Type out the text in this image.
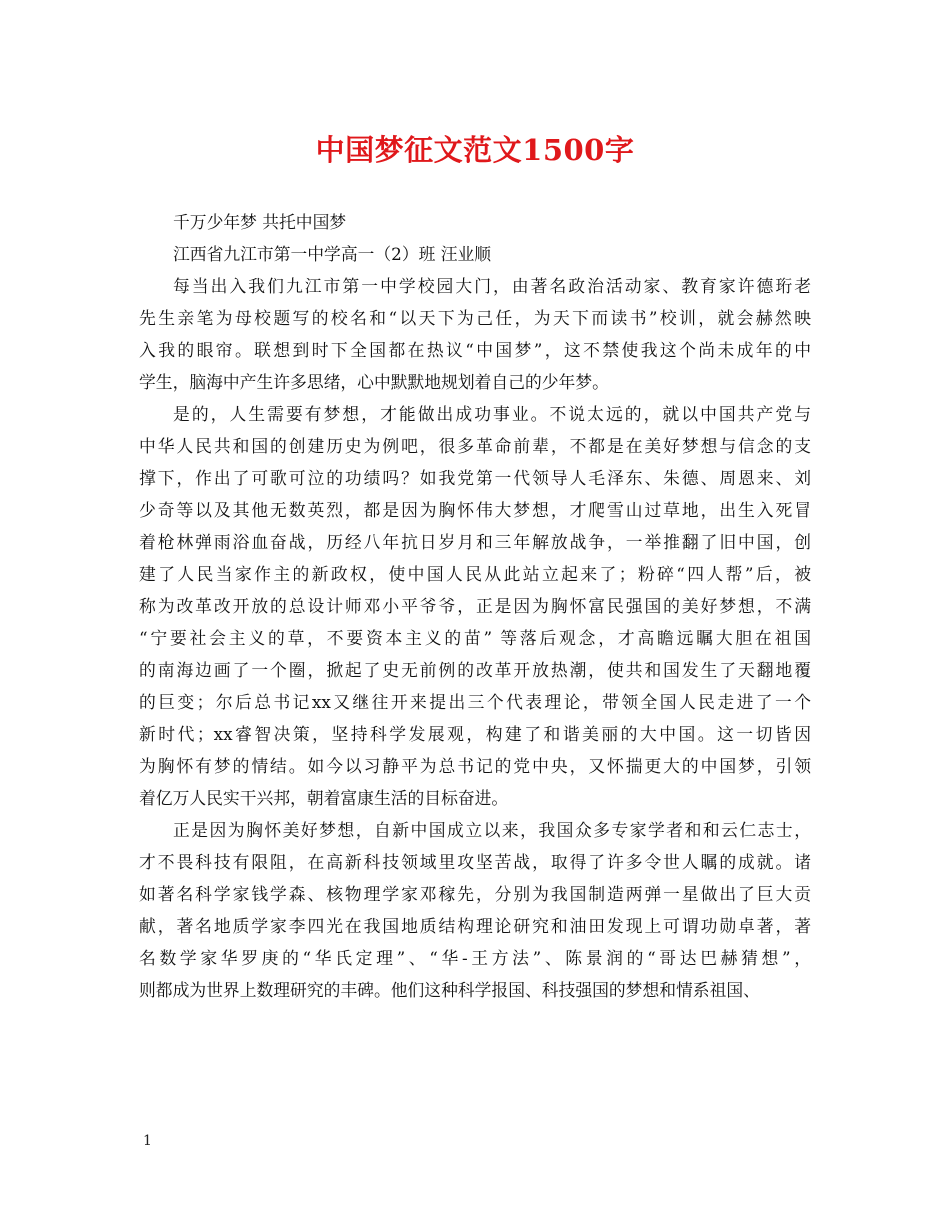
中国梦征文范文1500字
千万少年梦 共托中国梦
江西省九江市第一中学高一（2）班 汪业顺
每当出入我们九江市第一中学校园大门，由著名政治活动家、教育家许德珩老
先生亲笔为母校题写的校名和“以天下为己任，为天下而读书”校训，就会赫然映
入我的眼帘。联想到时下全国都在热议“中国梦”，这不禁使我这个尚未成年的中
学生，脑海中产生许多思绪，心中默默地规划着自己的少年梦。
是的，人生需要有梦想，才能做出成功事业。不说太远的，就以中国共产党与
中华人民共和国的创建历史为例吧，很多革命前辈，不都是在美好梦想与信念的支
撑下，作出了可歌可泣的功绩吗？如我党第一代领导人毛泽东、朱德、周恩来、刘
少奇等以及其他无数英烈，都是因为胸怀伟大梦想，才爬雪山过草地，出生入死冒
着枪林弹雨浴血奋战，历经八年抗日岁月和三年解放战争，一举推翻了旧中国，创
建了人民当家作主的新政权，使中国人民从此站立起来了；粉碎“四人帮”后，被
称为改革改开放的总设计师邓小平爷爷，正是因为胸怀富民强国的美好梦想，不满
“宁要社会主义的草，不要资本主义的苗” 等落后观念，才高瞻远瞩大胆在祖国
的南海边画了一个圈，掀起了史无前例的改革开放热潮，使共和国发生了天翻地覆
的巨变；尔后总书记xx又继往开来提出三个代表理论，带领全国人民走进了一个
新时代；xx睿智决策，坚持科学发展观，构建了和谐美丽的大中国。这一切皆因
为胸怀有梦的情结。如今以习静平为总书记的党中央，又怀揣更大的中国梦，引领
着亿万人民实干兴邦，朝着富康生活的目标奋进。
正是因为胸怀美好梦想，自新中国成立以来，我国众多专家学者和和云仁志士，
才不畏科技有限阻，在高新科技领域里攻坚苦战，取得了许多令世人瞩的成就。诸
如著名科学家钱学森、核物理学家邓稼先，分别为我国制造两弹一星做出了巨大贡
献，著名地质学家李四光在我国地质结构理论研究和油田发现上可谓功勋卓著，著
名数学家华罗庚的“华氏定理”、“华-王方法”、陈景润的“哥达巴赫猜想”，
则都成为世界上数理研究的丰碑。他们这种科学报国、科技强国的梦想和情系祖国、
1
